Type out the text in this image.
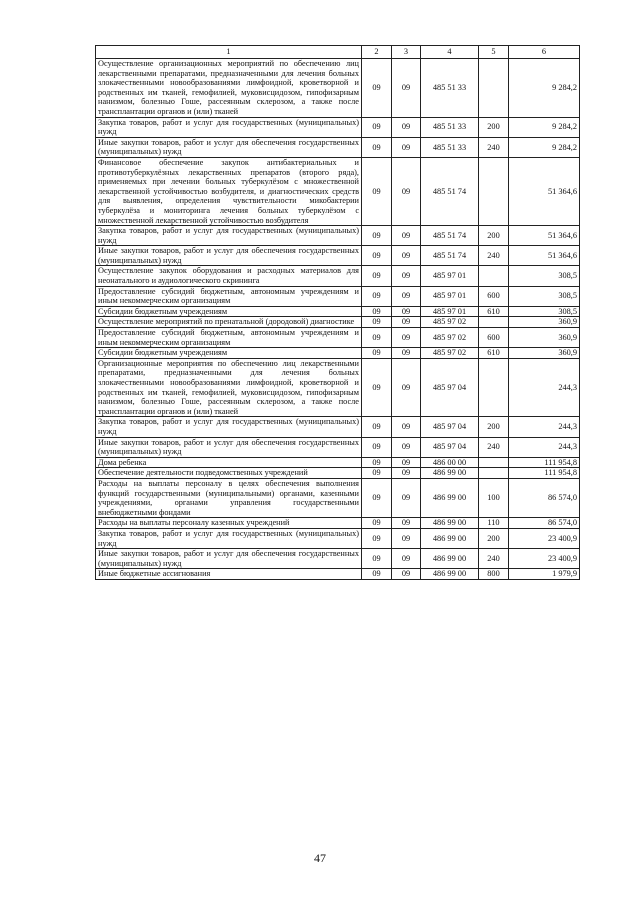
1	2	3	4	5	6
Осуществление организационных мероприятий по обеспечению лиц лекарственными препаратами, предназначенными для лечения больных злокачественными новообразованиями лимфоидной, кроветворной и родственных им тканей, гемофилией, муковисцидозом, гипофизарным нанизмом, болезнью Гоше, рассеянным склерозом, а также после трансплантации органов и (или) тканей	09	09	485 51 33		9 284,2
Закупка товаров, работ и услуг для государственных (муниципальных) нужд	09	09	485 51 33	200	9 284,2
Иные закупки товаров, работ и услуг для обеспечения государственных (муниципальных) нужд	09	09	485 51 33	240	9 284,2
Финансовое обеспечение закупок антибактериальных и противотуберкулёзных лекарственных препаратов (второго ряда), применяемых при лечении больных туберкулёзом с множественной лекарственной устойчивостью возбудителя, и диагностических средств для выявления, определения чувствительности микобактерии туберкулёза и мониторинга лечения больных туберкулёзом с множественной лекарственной устойчивостью возбудителя	09	09	485 51 74		51 364,6
Закупка товаров, работ и услуг для государственных (муниципальных) нужд	09	09	485 51 74	200	51 364,6
Иные закупки товаров, работ и услуг для обеспечения государственных (муниципальных) нужд	09	09	485 51 74	240	51 364,6
Осуществление закупок оборудования и расходных материалов для неонатального и аудиологического скрининга	09	09	485 97 01		308,5
Предоставление субсидий бюджетным, автономным учреждениям и иным некоммерческим организациям	09	09	485 97 01	600	308,5
Субсидии бюджетным учреждениям	09	09	485 97 01	610	308,5
Осуществление мероприятий по пренатальной (дородовой) диагностике	09	09	485 97 02		360,9
Предоставление субсидий бюджетным, автономным учреждениям и иным некоммерческим организациям	09	09	485 97 02	600	360,9
Субсидии бюджетным учреждениям	09	09	485 97 02	610	360,9
Организационные мероприятия по обеспечению лиц лекарственными препаратами, предназначенными для лечения больных злокачественными новообразованиями лимфоидной, кроветворной и родственных им тканей, гемофилией, муковисцидозом, гипофизарным нанизмом, болезнью Гоше, рассеянным склерозом, а также после трансплантации органов и (или) тканей	09	09	485 97 04		244,3
Закупка товаров, работ и услуг для государственных (муниципальных) нужд	09	09	485 97 04	200	244,3
Иные закупки товаров, работ и услуг для обеспечения государственных (муниципальных) нужд	09	09	485 97 04	240	244,3
Дома ребенка	09	09	486 00 00		111 954,8
Обеспечение деятельности подведомственных учреждений	09	09	486 99 00		111 954,8
Расходы на выплаты персоналу в целях обеспечения выполнения функций государственными (муниципальными) органами, казенными учреждениями, органами управления государственными внебюджетными фондами	09	09	486 99 00	100	86 574,0
Расходы на выплаты персоналу казенных учреждений	09	09	486 99 00	110	86 574,0
Закупка товаров, работ и услуг для государственных (муниципальных) нужд	09	09	486 99 00	200	23 400,9
Иные закупки товаров, работ и услуг для обеспечения государственных (муниципальных) нужд	09	09	486 99 00	240	23 400,9
Иные бюджетные ассигнования	09	09	486 99 00	800	1 979,9
47
